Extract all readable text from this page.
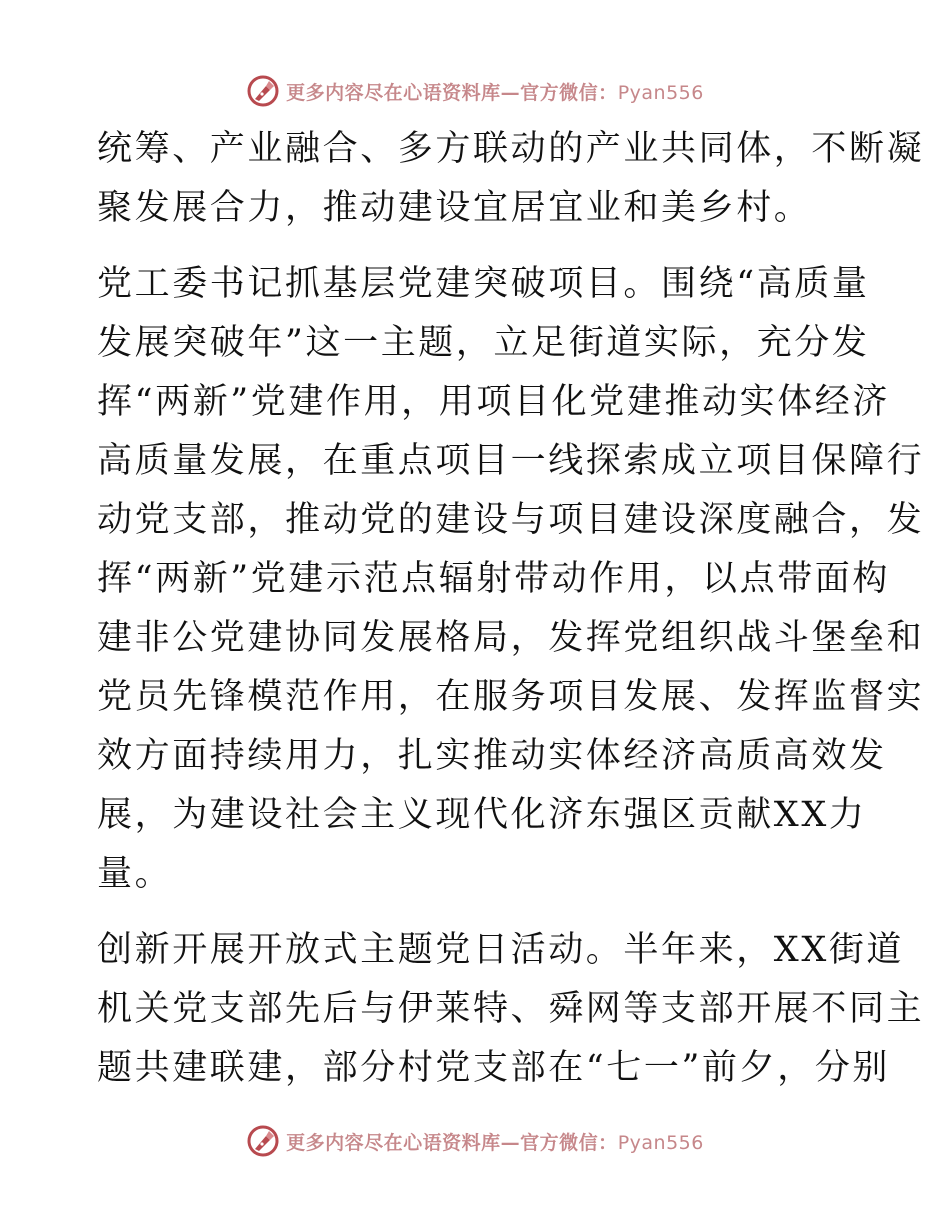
更多内容尽在心语资料库—官方微信：Pyan556

统筹、产业融合、多方联动的产业共同体，不断凝
聚发展合力，推动建设宜居宜业和美乡村。

党工委书记抓基层党建突破项目。围绕“高质量
发展突破年”这一主题，立足街道实际，充分发
挥“两新”党建作用，用项目化党建推动实体经济
高质量发展，在重点项目一线探索成立项目保障行
动党支部，推动党的建设与项目建设深度融合，发
挥“两新”党建示范点辐射带动作用，以点带面构
建非公党建协同发展格局，发挥党组织战斗堡垒和
党员先锋模范作用，在服务项目发展、发挥监督实
效方面持续用力，扎实推动实体经济高质高效发
展，为建设社会主义现代化济东强区贡献XX力
量。

创新开展开放式主题党日活动。半年来，XX街道
机关党支部先后与伊莱特、舜网等支部开展不同主
题共建联建，部分村党支部在“七一”前夕，分别

更多内容尽在心语资料库—官方微信：Pyan556
